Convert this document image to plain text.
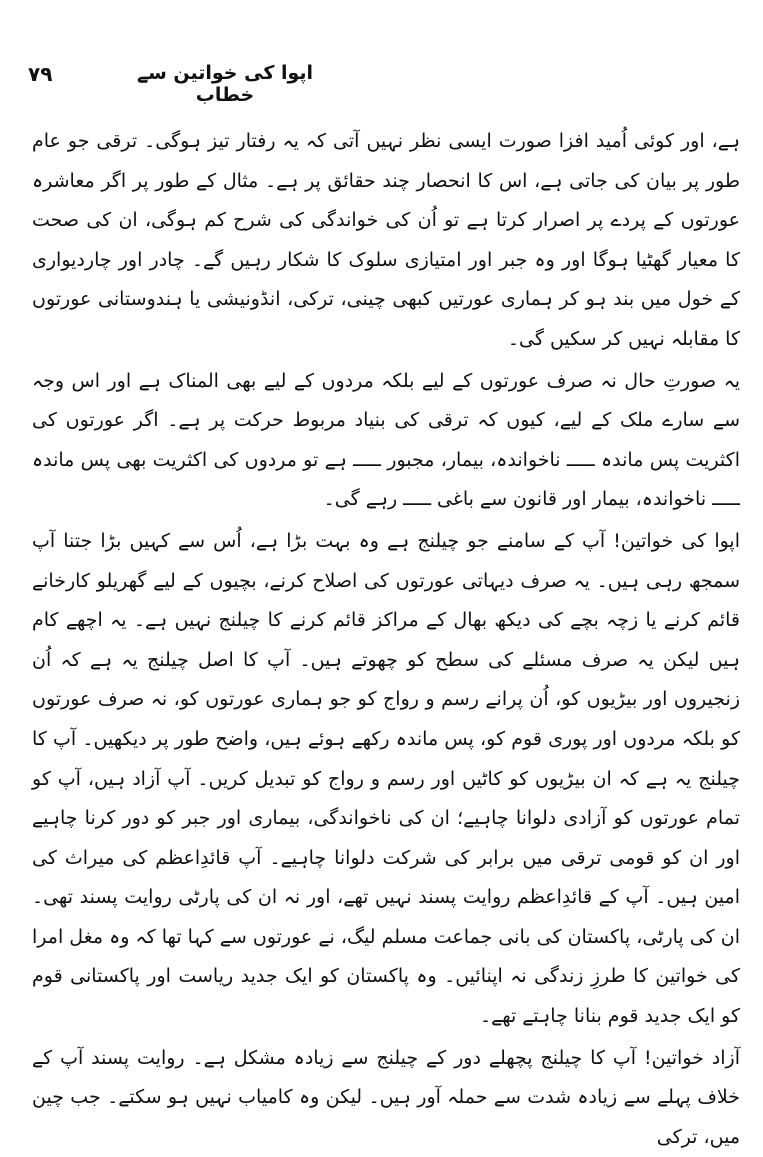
۷۹	اپوا کی خواتین سے خطاب

ہے، اور کوئی اُمید افزا صورت ایسی نظر نہیں آتی کہ یہ رفتار تیز ہوگی۔ ترقی جو عام طور پر بیان کی جاتی ہے، اس کا انحصار چند حقائق پر ہے۔ مثال کے طور پر اگر معاشرہ عورتوں کے پردے پر اصرار کرتا ہے تو اُن کی خواندگی کی شرح کم ہوگی، ان کی صحت کا معیار گھٹیا ہوگا اور وہ جبر اور امتیازی سلوک کا شکار رہیں گے۔ چادر اور چاردیواری کے خول میں بند ہو کر ہماری عورتیں کبھی چینی، ترکی، انڈونیشی یا ہندوستانی عورتوں کا مقابلہ نہیں کر سکیں گی۔

یہ صورتِ حال نہ صرف عورتوں کے لیے بلکہ مردوں کے لیے بھی المناک ہے اور اس وجہ سے سارے ملک کے لیے، کیوں کہ ترقی کی بنیاد مربوط حرکت پر ہے۔ اگر عورتوں کی اکثریت پس ماندہ ـــــ ناخواندہ، بیمار، مجبور ـــــ ہے تو مردوں کی اکثریت بھی پس ماندہ ـــــ ناخواندہ، بیمار اور قانون سے باغی ـــــ رہے گی۔

اپوا کی خواتین! آپ کے سامنے جو چیلنج ہے وہ بہت بڑا ہے، اُس سے کہیں بڑا جتنا آپ سمجھ رہی ہیں۔ یہ صرف دیہاتی عورتوں کی اصلاح کرنے، بچیوں کے لیے گھریلو کارخانے قائم کرنے یا زچہ بچے کی دیکھ بھال کے مراکز قائم کرنے کا چیلنج نہیں ہے۔ یہ اچھے کام ہیں لیکن یہ صرف مسئلے کی سطح کو چھوتے ہیں۔ آپ کا اصل چیلنج یہ ہے کہ اُن زنجیروں اور بیڑیوں کو، اُن پرانے رسم و رواج کو جو ہماری عورتوں کو، نہ صرف عورتوں کو بلکہ مردوں اور پوری قوم کو، پس ماندہ رکھے ہوئے ہیں، واضح طور پر دیکھیں۔ آپ کا چیلنج یہ ہے کہ ان بیڑیوں کو کاٹیں اور رسم و رواج کو تبدیل کریں۔ آپ آزاد ہیں، آپ کو تمام عورتوں کو آزادی دلوانا چاہیے؛ ان کی ناخواندگی، بیماری اور جبر کو دور کرنا چاہیے اور ان کو قومی ترقی میں برابر کی شرکت دلوانا چاہیے۔ آپ قائدِاعظم کی میراث کی امین ہیں۔ آپ کے قائدِاعظم روایت پسند نہیں تھے، اور نہ ان کی پارٹی روایت پسند تھی۔ ان کی پارٹی، پاکستان کی بانی جماعت مسلم لیگ، نے عورتوں سے کہا تھا کہ وہ مغل امرا کی خواتین کا طرزِ زندگی نہ اپنائیں۔ وہ پاکستان کو ایک جدید ریاست اور پاکستانی قوم کو ایک جدید قوم بنانا چاہتے تھے۔

آزاد خواتین! آپ کا چیلنج پچھلے دور کے چیلنج سے زیادہ مشکل ہے۔ روایت پسند آپ کے خلاف پہلے سے زیادہ شدت سے حملہ آور ہیں۔ لیکن وہ کامیاب نہیں ہو سکتے۔ جب چین میں، ترکی
